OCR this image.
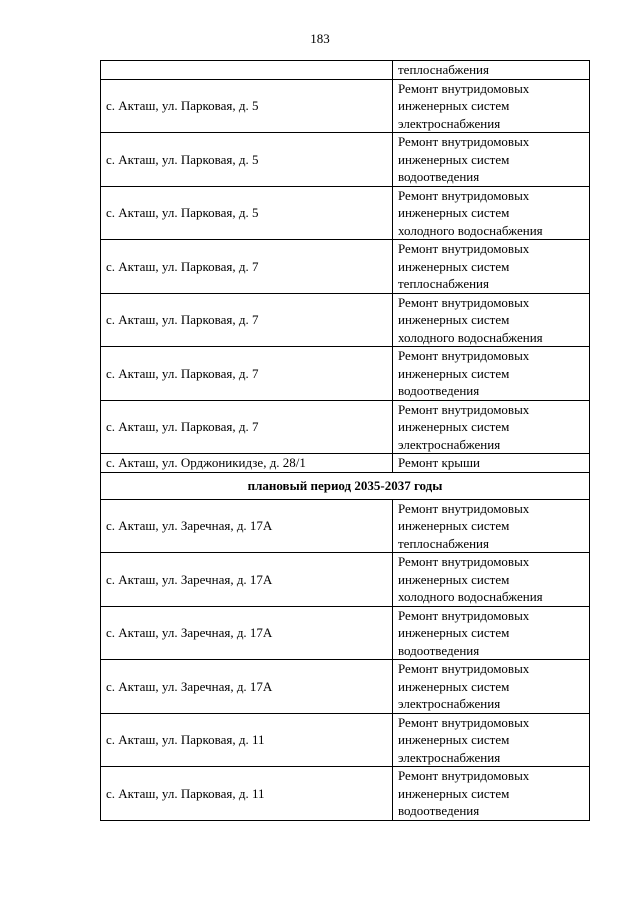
183
	теплоснабжения
с. Акташ, ул. Парковая, д. 5	Ремонт внутридомовых
инженерных систем
электроснабжения

с. Акташ, ул. Парковая, д. 5	Ремонт внутридомовых
инженерных систем
водоотведения

с. Акташ, ул. Парковая, д. 5	Ремонт внутридомовых
инженерных систем
холодного водоснабжения

с. Акташ, ул. Парковая, д. 7	Ремонт внутридомовых
инженерных систем
теплоснабжения

с. Акташ, ул. Парковая, д. 7	Ремонт внутридомовых
инженерных систем
холодного водоснабжения

с. Акташ, ул. Парковая, д. 7	Ремонт внутридомовых
инженерных систем
водоотведения

с. Акташ, ул. Парковая, д. 7	Ремонт внутридомовых
инженерных систем
электроснабжения

с. Акташ, ул. Орджоникидзе, д. 28/1	Ремонт крыши

плановый период 2035-2037 годы	
с. Акташ, ул. Заречная, д. 17А	Ремонт внутридомовых
инженерных систем
теплоснабжения

с. Акташ, ул. Заречная, д. 17А	Ремонт внутридомовых
инженерных систем
холодного водоснабжения

с. Акташ, ул. Заречная, д. 17А	Ремонт внутридомовых
инженерных систем
водоотведения

с. Акташ, ул. Заречная, д. 17А	Ремонт внутридомовых
инженерных систем
электроснабжения

с. Акташ, ул. Парковая, д. 11	Ремонт внутридомовых
инженерных систем
электроснабжения

с. Акташ, ул. Парковая, д. 11	Ремонт внутридомовых
инженерных систем
водоотведения
